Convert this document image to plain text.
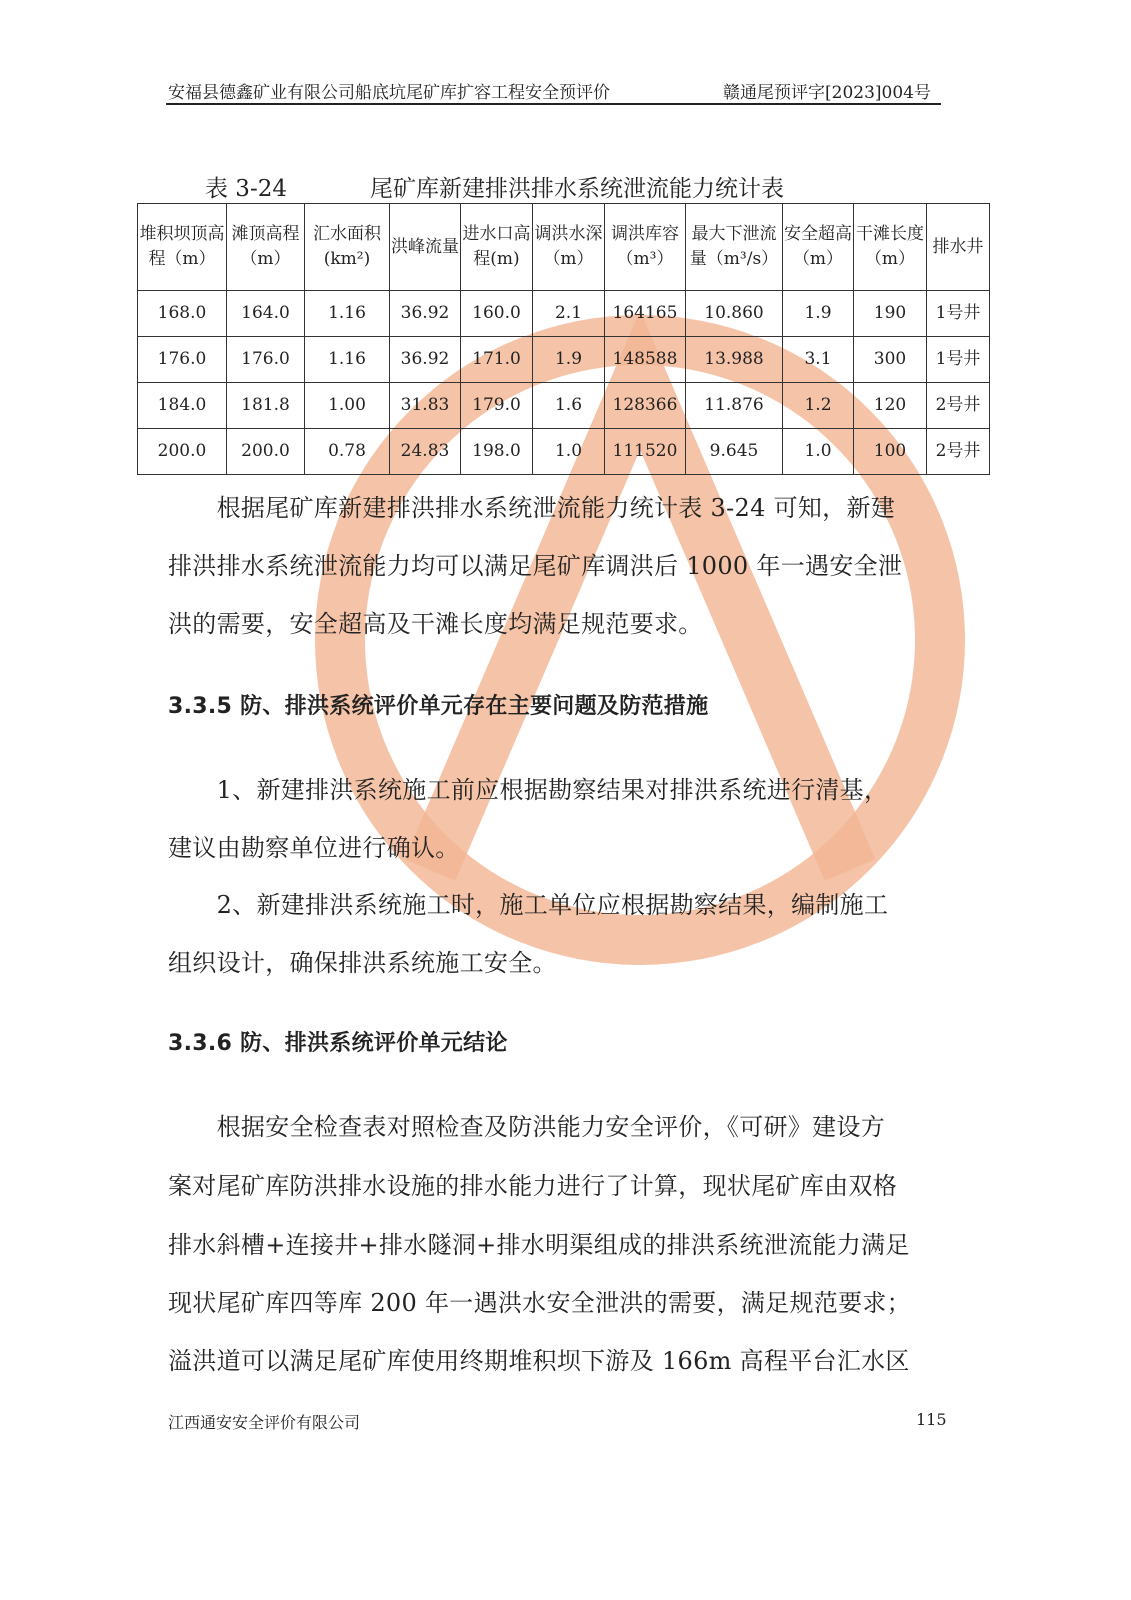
安福县德鑫矿业有限公司船底坑尾矿库扩容工程安全预评价	赣通尾预评字[2023]004号
表 3-24	尾矿库新建排洪排水系统泄流能力统计表
堆积坝顶高程（m）	滩顶高程（m）	汇水面积(km²)	洪峰流量	进水口高程(m)	调洪水深（m）	调洪库容（m³）	最大下泄流量（m³/s）	安全超高（m）	干滩长度（m）	排水井
168.0	164.0	1.16	36.92	160.0	2.1	164165	10.860	1.9	190	1号井
176.0	176.0	1.16	36.92	171.0	1.9	148588	13.988	3.1	300	1号井
184.0	181.8	1.00	31.83	179.0	1.6	128366	11.876	1.2	120	2号井
200.0	200.0	0.78	24.83	198.0	1.0	111520	9.645	1.0	100	2号井
　　根据尾矿库新建排洪排水系统泄流能力统计表 3-24 可知，新建
排洪排水系统泄流能力均可以满足尾矿库调洪后 1000 年一遇安全泄
洪的需要，安全超高及干滩长度均满足规范要求。
3.3.5 防、排洪系统评价单元存在主要问题及防范措施
　　1、新建排洪系统施工前应根据勘察结果对排洪系统进行清基，
建议由勘察单位进行确认。
　　2、新建排洪系统施工时，施工单位应根据勘察结果，编制施工
组织设计，确保排洪系统施工安全。
3.3.6 防、排洪系统评价单元结论
　　根据安全检查表对照检查及防洪能力安全评价，《可研》建设方
案对尾矿库防洪排水设施的排水能力进行了计算，现状尾矿库由双格
排水斜槽+连接井+排水隧洞+排水明渠组成的排洪系统泄流能力满足
现状尾矿库四等库 200 年一遇洪水安全泄洪的需要，满足规范要求；
溢洪道可以满足尾矿库使用终期堆积坝下游及 166m 高程平台汇水区
江西通安安全评价有限公司	115
